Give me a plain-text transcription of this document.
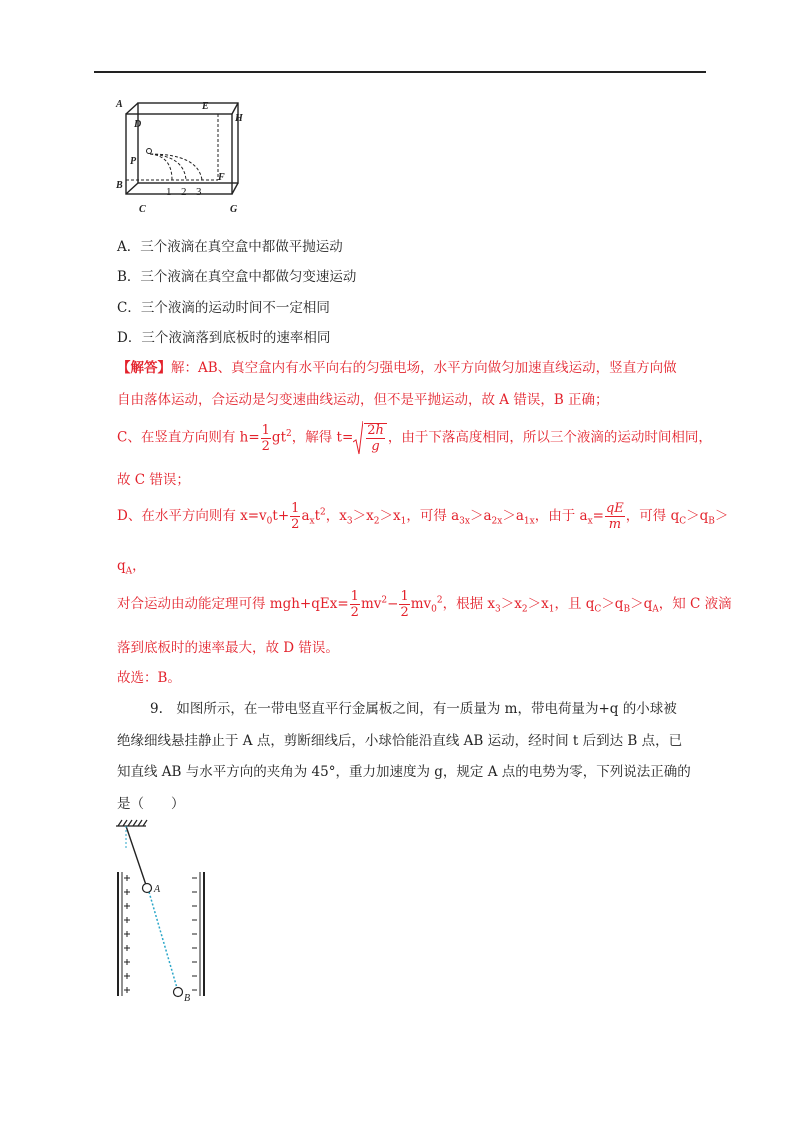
A	E
H
D
P
B
F
C	G
1 2 3
A．三个液滴在真空盒中都做平抛运动
B．三个液滴在真空盒中都做匀变速运动
C．三个液滴的运动时间不一定相同
D．三个液滴落到底板时的速率相同
【解答】解：AB、真空盒内有水平向右的匀强电场，水平方向做匀加速直线运动，竖直方向做
自由落体运动，合运动是匀变速曲线运动，但不是平抛运动，故 A 错误，B 正确；
C、在竖直方向则有 $h= \frac{1}{2} gt^2$，解得 $t= \frac{2h}{g}$ ，由于下落高度相同，所以三个液滴的运动时间相同，
故 C 错误；
D、在水平方向则有 $x=v_0t+ \frac{1}{2} a_xt^2$，$x_3>x_2>x_1$，可得 $a_{3x}>a_{2x}>a_{1x}$，由于 $a_x= \frac{qE}{m}$ ，可得 $q_C>q_B>$
$q_A$，
对合运动由动能定理可得 $mgh+qEx= \frac{1}{2} mv^2- \frac{1}{2} mv_0^2$，根据 $x_3>x_2>x_1$，且 $q_C>q_B>q_A$，知 C 液滴
落到底板时的速率最大，故 D 错误。
故选：B。
9.　如图所示，在一带电竖直平行金属板之间，有一质量为 m，带电荷量为+q 的小球被
绝缘细线悬挂静止于 A 点，剪断细线后，小球恰能沿直线 AB 运动，经时间 t 后到达 B 点，已
知直线 AB 与水平方向的夹角为 45°，重力加速度为 g，规定 A 点的电势为零，下列说法正确的
是（　　）
A
B
